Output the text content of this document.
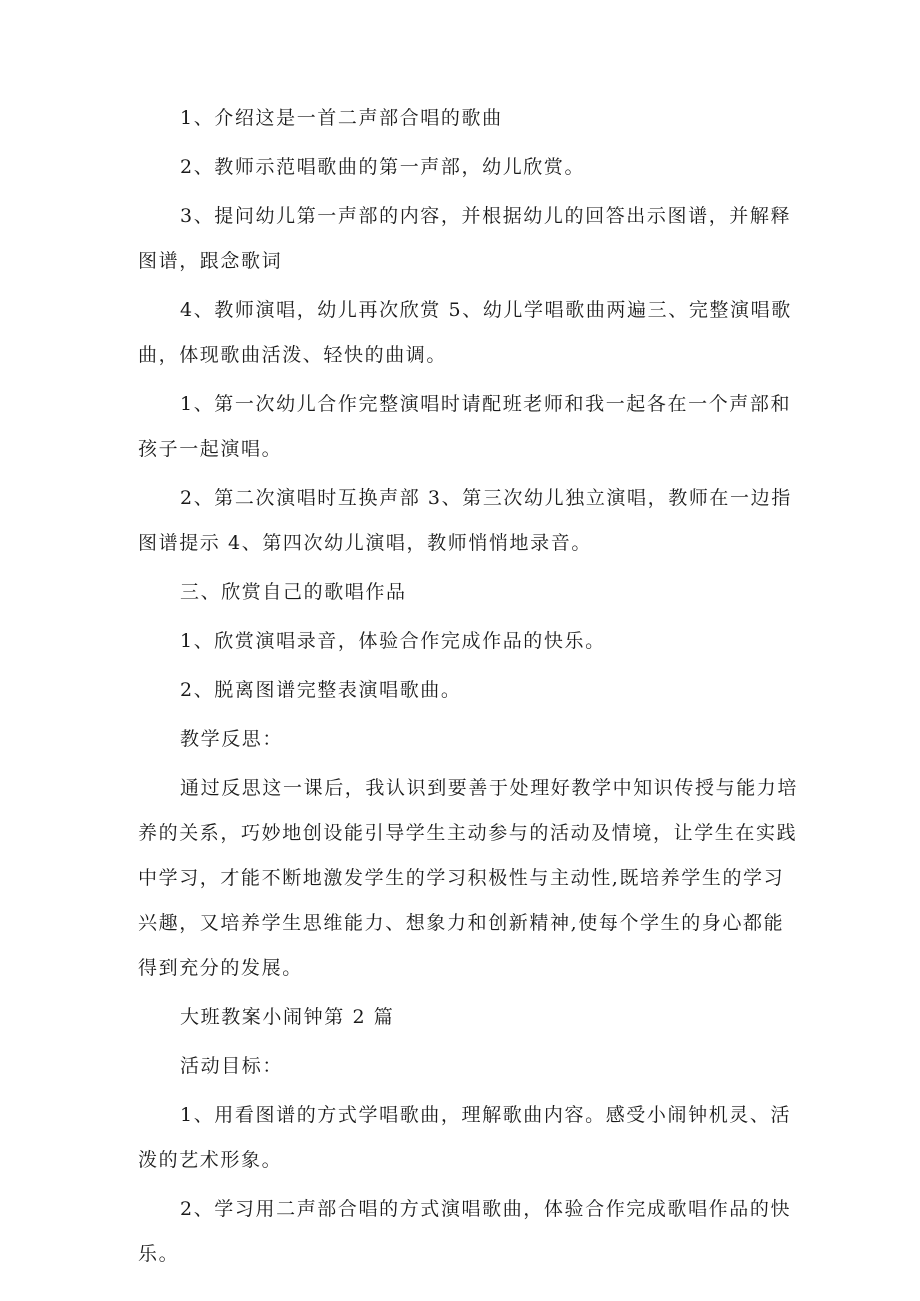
1、介绍这是一首二声部合唱的歌曲

2、教师示范唱歌曲的第一声部，幼儿欣赏。

3、提问幼儿第一声部的内容，并根据幼儿的回答出示图谱，并解释图谱，跟念歌词

4、教师演唱，幼儿再次欣赏 5、幼儿学唱歌曲两遍三、完整演唱歌曲，体现歌曲活泼、轻快的曲调。

1、第一次幼儿合作完整演唱时请配班老师和我一起各在一个声部和孩子一起演唱。

2、第二次演唱时互换声部 3、第三次幼儿独立演唱，教师在一边指图谱提示 4、第四次幼儿演唱，教师悄悄地录音。

三、欣赏自己的歌唱作品

1、欣赏演唱录音，体验合作完成作品的快乐。

2、脱离图谱完整表演唱歌曲。

教学反思：

通过反思这一课后，我认识到要善于处理好教学中知识传授与能力培养的关系，巧妙地创设能引导学生主动参与的活动及情境，让学生在实践中学习，才能不断地激发学生的学习积极性与主动性,既培养学生的学习兴趣，又培养学生思维能力、想象力和创新精神,使每个学生的身心都能得到充分的发展。

大班教案小闹钟第 2 篇

活动目标：

1、用看图谱的方式学唱歌曲，理解歌曲内容。感受小闹钟机灵、活泼的艺术形象。

2、学习用二声部合唱的方式演唱歌曲，体验合作完成歌唱作品的快乐。
